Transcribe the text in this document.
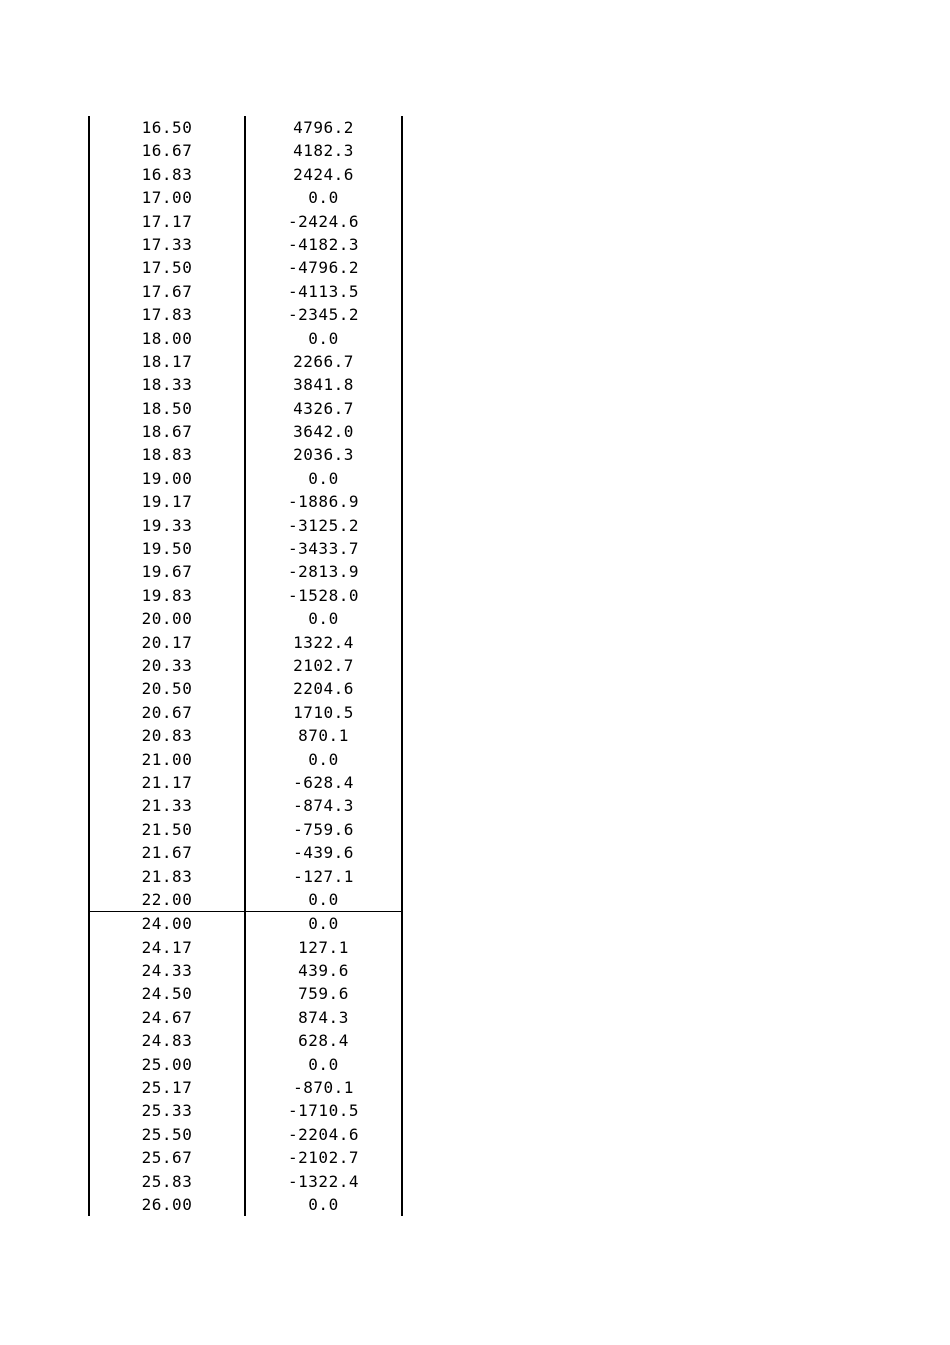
16.50	4796.2
16.67	4182.3
16.83	2424.6
17.00	0.0
17.17	-2424.6
17.33	-4182.3
17.50	-4796.2
17.67	-4113.5
17.83	-2345.2
18.00	0.0
18.17	2266.7
18.33	3841.8
18.50	4326.7
18.67	3642.0
18.83	2036.3
19.00	0.0
19.17	-1886.9
19.33	-3125.2
19.50	-3433.7
19.67	-2813.9
19.83	-1528.0
20.00	0.0
20.17	1322.4
20.33	2102.7
20.50	2204.6
20.67	1710.5
20.83	870.1
21.00	0.0
21.17	-628.4
21.33	-874.3
21.50	-759.6
21.67	-439.6
21.83	-127.1
22.00	0.0
24.00	0.0
24.17	127.1
24.33	439.6
24.50	759.6
24.67	874.3
24.83	628.4
25.00	0.0
25.17	-870.1
25.33	-1710.5
25.50	-2204.6
25.67	-2102.7
25.83	-1322.4
26.00	0.0
